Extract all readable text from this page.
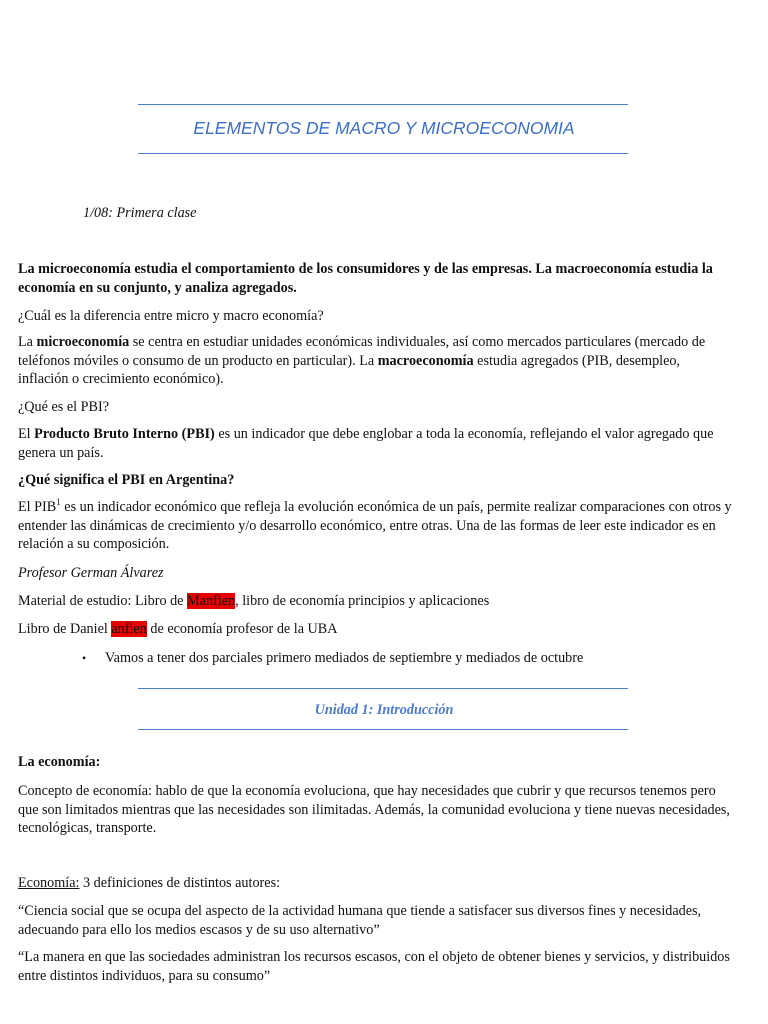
ELEMENTOS DE MACRO Y MICROECONOMIA
1/08: Primera clase
La microeconomía estudia el comportamiento de los consumidores y de las empresas. La macroeconomía estudia la economía en su conjunto, y analiza agregados.
¿Cuál es la diferencia entre micro y macro economía?
La microeconomía se centra en estudiar unidades económicas individuales, así como mercados particulares (mercado de teléfonos móviles o consumo de un producto en particular). La macroeconomía estudia agregados (PIB, desempleo, inflación o crecimiento económico).
¿Qué es el PBI?
El Producto Bruto Interno (PBI) es un indicador que debe englobar a toda la economía, reflejando el valor agregado que genera un país.
¿Qué significa el PBI en Argentina?
El PIB$^1$ es un indicador económico que refleja la evolución económica de un país, permite realizar comparaciones con otros y entender las dinámicas de crecimiento y/o desarrollo económico, entre otras. Una de las formas de leer este indicador es en relación a su composición.
Profesor German Álvarez
Material de estudio: Libro de Manfien, libro de economía principios y aplicaciones
Libro de Daniel anfien de economía profesor de la UBA
• Vamos a tener dos parciales primero mediados de septiembre y mediados de octubre
Unidad 1: Introducción
La economía:
Concepto de economía: hablo de que la economía evoluciona, que hay necesidades que cubrir y que recursos tenemos pero que son limitados mientras que las necesidades son ilimitadas. Además, la comunidad evoluciona y tiene nuevas necesidades, tecnológicas, transporte.
Economía: 3 definiciones de distintos autores:
“Ciencia social que se ocupa del aspecto de la actividad humana que tiende a satisfacer sus diversos fines y necesidades, adecuando para ello los medios escasos y de su uso alternativo”
“La manera en que las sociedades administran los recursos escasos, con el objeto de obtener bienes y servicios, y distribuidos entre distintos individuos, para su consumo”
